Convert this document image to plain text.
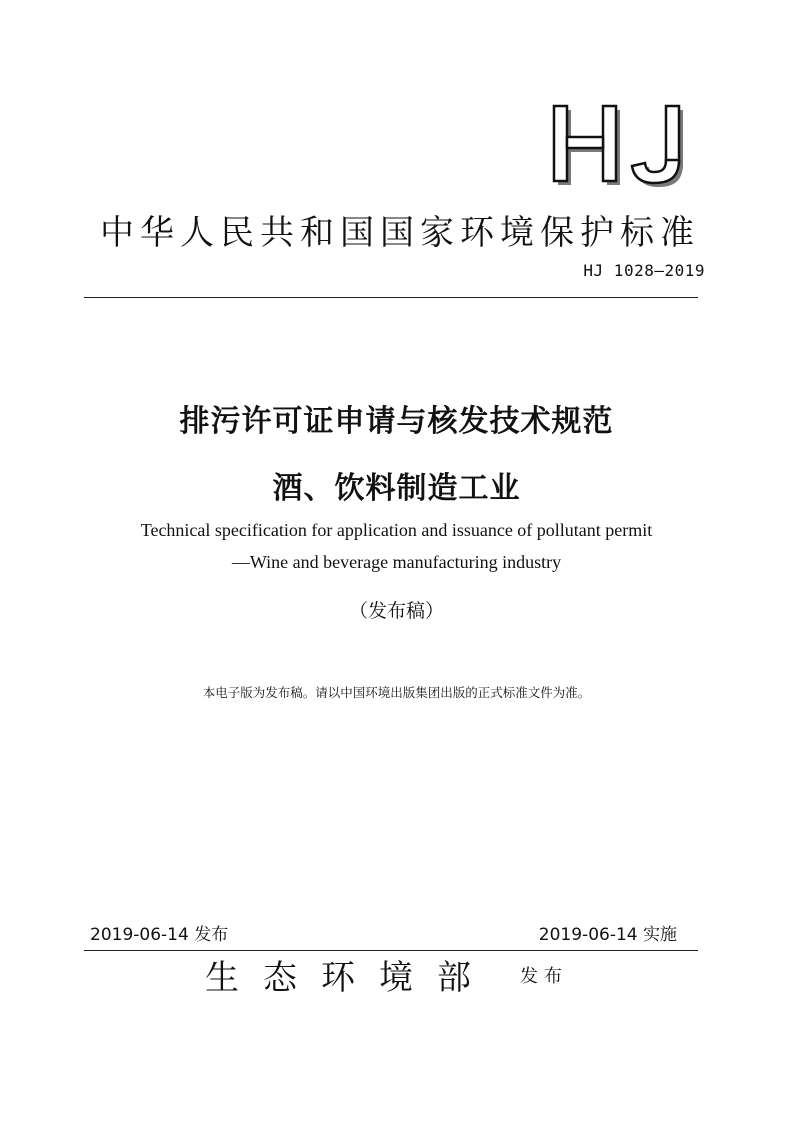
中华人民共和国国家环境保护标准
HJ 1028—2019
排污许可证申请与核发技术规范
酒、饮料制造工业
Technical specification for application and issuance of pollutant permit
—Wine and beverage manufacturing industry
（发布稿）
本电子版为发布稿。请以中国环境出版集团出版的正式标准文件为准。
2019-06-14 发布	2019-06-14 实施
生态环境部 发布
